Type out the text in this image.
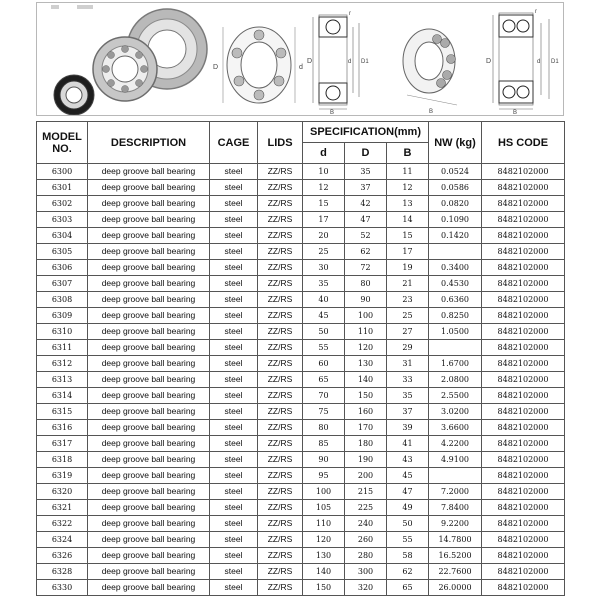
D	d
D	d D1
B
r
B
D	d D1
B
r
MODEL
NO.	DESCRIPTION	CAGE	LIDS	SPECIFICATION(mm)			NW (kg)	HS CODE
				d	D	B		
6300	deep groove ball bearing	steel	ZZ/RS	10	35	11	0.0524	8482102000
6301	deep groove ball bearing	steel	ZZ/RS	12	37	12	0.0586	8482102000
6302	deep groove ball bearing	steel	ZZ/RS	15	42	13	0.0820	8482102000
6303	deep groove ball bearing	steel	ZZ/RS	17	47	14	0.1090	8482102000
6304	deep groove ball bearing	steel	ZZ/RS	20	52	15	0.1420	8482102000
6305	deep groove ball bearing	steel	ZZ/RS	25	62	17		8482102000
6306	deep groove ball bearing	steel	ZZ/RS	30	72	19	0.3400	8482102000
6307	deep groove ball bearing	steel	ZZ/RS	35	80	21	0.4530	8482102000
6308	deep groove ball bearing	steel	ZZ/RS	40	90	23	0.6360	8482102000
6309	deep groove ball bearing	steel	ZZ/RS	45	100	25	0.8250	8482102000
6310	deep groove ball bearing	steel	ZZ/RS	50	110	27	1.0500	8482102000
6311	deep groove ball bearing	steel	ZZ/RS	55	120	29		8482102000
6312	deep groove ball bearing	steel	ZZ/RS	60	130	31	1.6700	8482102000
6313	deep groove ball bearing	steel	ZZ/RS	65	140	33	2.0800	8482102000
6314	deep groove ball bearing	steel	ZZ/RS	70	150	35	2.5500	8482102000
6315	deep groove ball bearing	steel	ZZ/RS	75	160	37	3.0200	8482102000
6316	deep groove ball bearing	steel	ZZ/RS	80	170	39	3.6600	8482102000
6317	deep groove ball bearing	steel	ZZ/RS	85	180	41	4.2200	8482102000
6318	deep groove ball bearing	steel	ZZ/RS	90	190	43	4.9100	8482102000
6319	deep groove ball bearing	steel	ZZ/RS	95	200	45		8482102000
6320	deep groove ball bearing	steel	ZZ/RS	100	215	47	7.2000	8482102000
6321	deep groove ball bearing	steel	ZZ/RS	105	225	49	7.8400	8482102000
6322	deep groove ball bearing	steel	ZZ/RS	110	240	50	9.2200	8482102000
6324	deep groove ball bearing	steel	ZZ/RS	120	260	55	14.7800	8482102000
6326	deep groove ball bearing	steel	ZZ/RS	130	280	58	16.5200	8482102000
6328	deep groove ball bearing	steel	ZZ/RS	140	300	62	22.7600	8482102000
6330	deep groove ball bearing	steel	ZZ/RS	150	320	65	26.0000	8482102000
